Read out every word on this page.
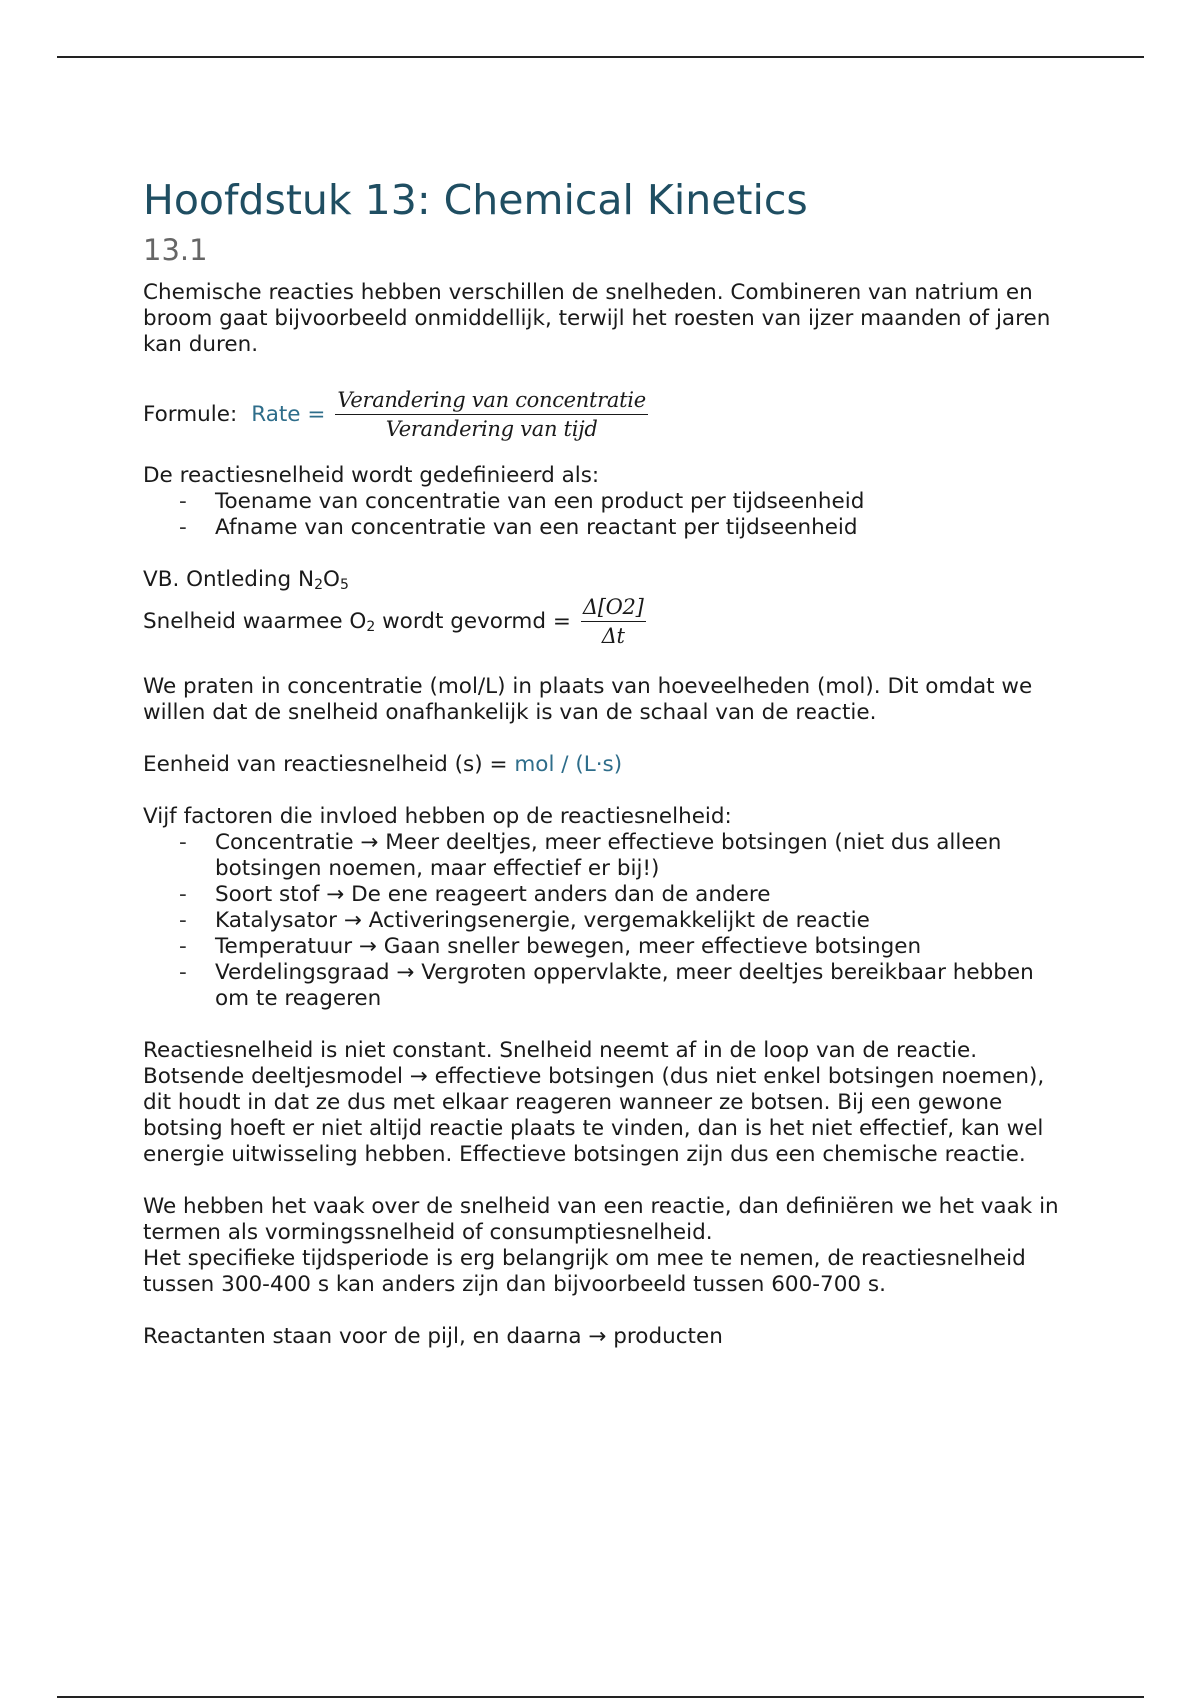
Hoofdstuk 13: Chemical Kinetics
13.1

Chemische reacties hebben verschillen de snelheden. Combineren van natrium en broom gaat bijvoorbeeld onmiddellijk, terwijl het roesten van ijzer maanden of jaren kan duren.

Formule: Rate = $\frac{\text{Verandering van concentratie}}{\text{Verandering van tijd}}$

De reactiesnelheid wordt gedefinieerd als:

- Toename van concentratie van een product per tijdseenheid
- Afname van concentratie van een reactant per tijdseenheid

VB. Ontleding $N_2O_5$

Snelheid waarmee $O_2$ wordt gevormd = $\frac{\Delta[O2]}{\Delta t}$

We praten in concentratie (mol/L) in plaats van hoeveelheden (mol). Dit omdat we willen dat de snelheid onafhankelijk is van de schaal van de reactie.

Eenheid van reactiesnelheid (s) = mol / (L·s)

Vijf factoren die invloed hebben op de reactiesnelheid:

- Concentratie → Meer deeltjes, meer effectieve botsingen (niet dus alleen botsingen noemen, maar effectief er bij!)
- Soort stof → De ene reageert anders dan de andere
- Katalysator → Activeringsenergie, vergemakkelijkt de reactie
- Temperatuur → Gaan sneller bewegen, meer effectieve botsingen
- Verdelingsgraad → Vergroten oppervlakte, meer deeltjes bereikbaar hebben om te reageren

Reactiesnelheid is niet constant. Snelheid neemt af in de loop van de reactie. Botsende deeltjesmodel → effectieve botsingen (dus niet enkel botsingen noemen), dit houdt in dat ze dus met elkaar reageren wanneer ze botsen. Bij een gewone botsing hoeft er niet altijd reactie plaats te vinden, dan is het niet effectief, kan wel energie uitwisseling hebben. Effectieve botsingen zijn dus een chemische reactie.

We hebben het vaak over de snelheid van een reactie, dan definiëren we het vaak in termen als vormingssnelheid of consumptiesnelheid.

Het specifieke tijdsperiode is erg belangrijk om mee te nemen, de reactiesnelheid tussen 300-400 s kan anders zijn dan bijvoorbeeld tussen 600-700 s.

Reactanten staan voor de pijl, en daarna → producten
